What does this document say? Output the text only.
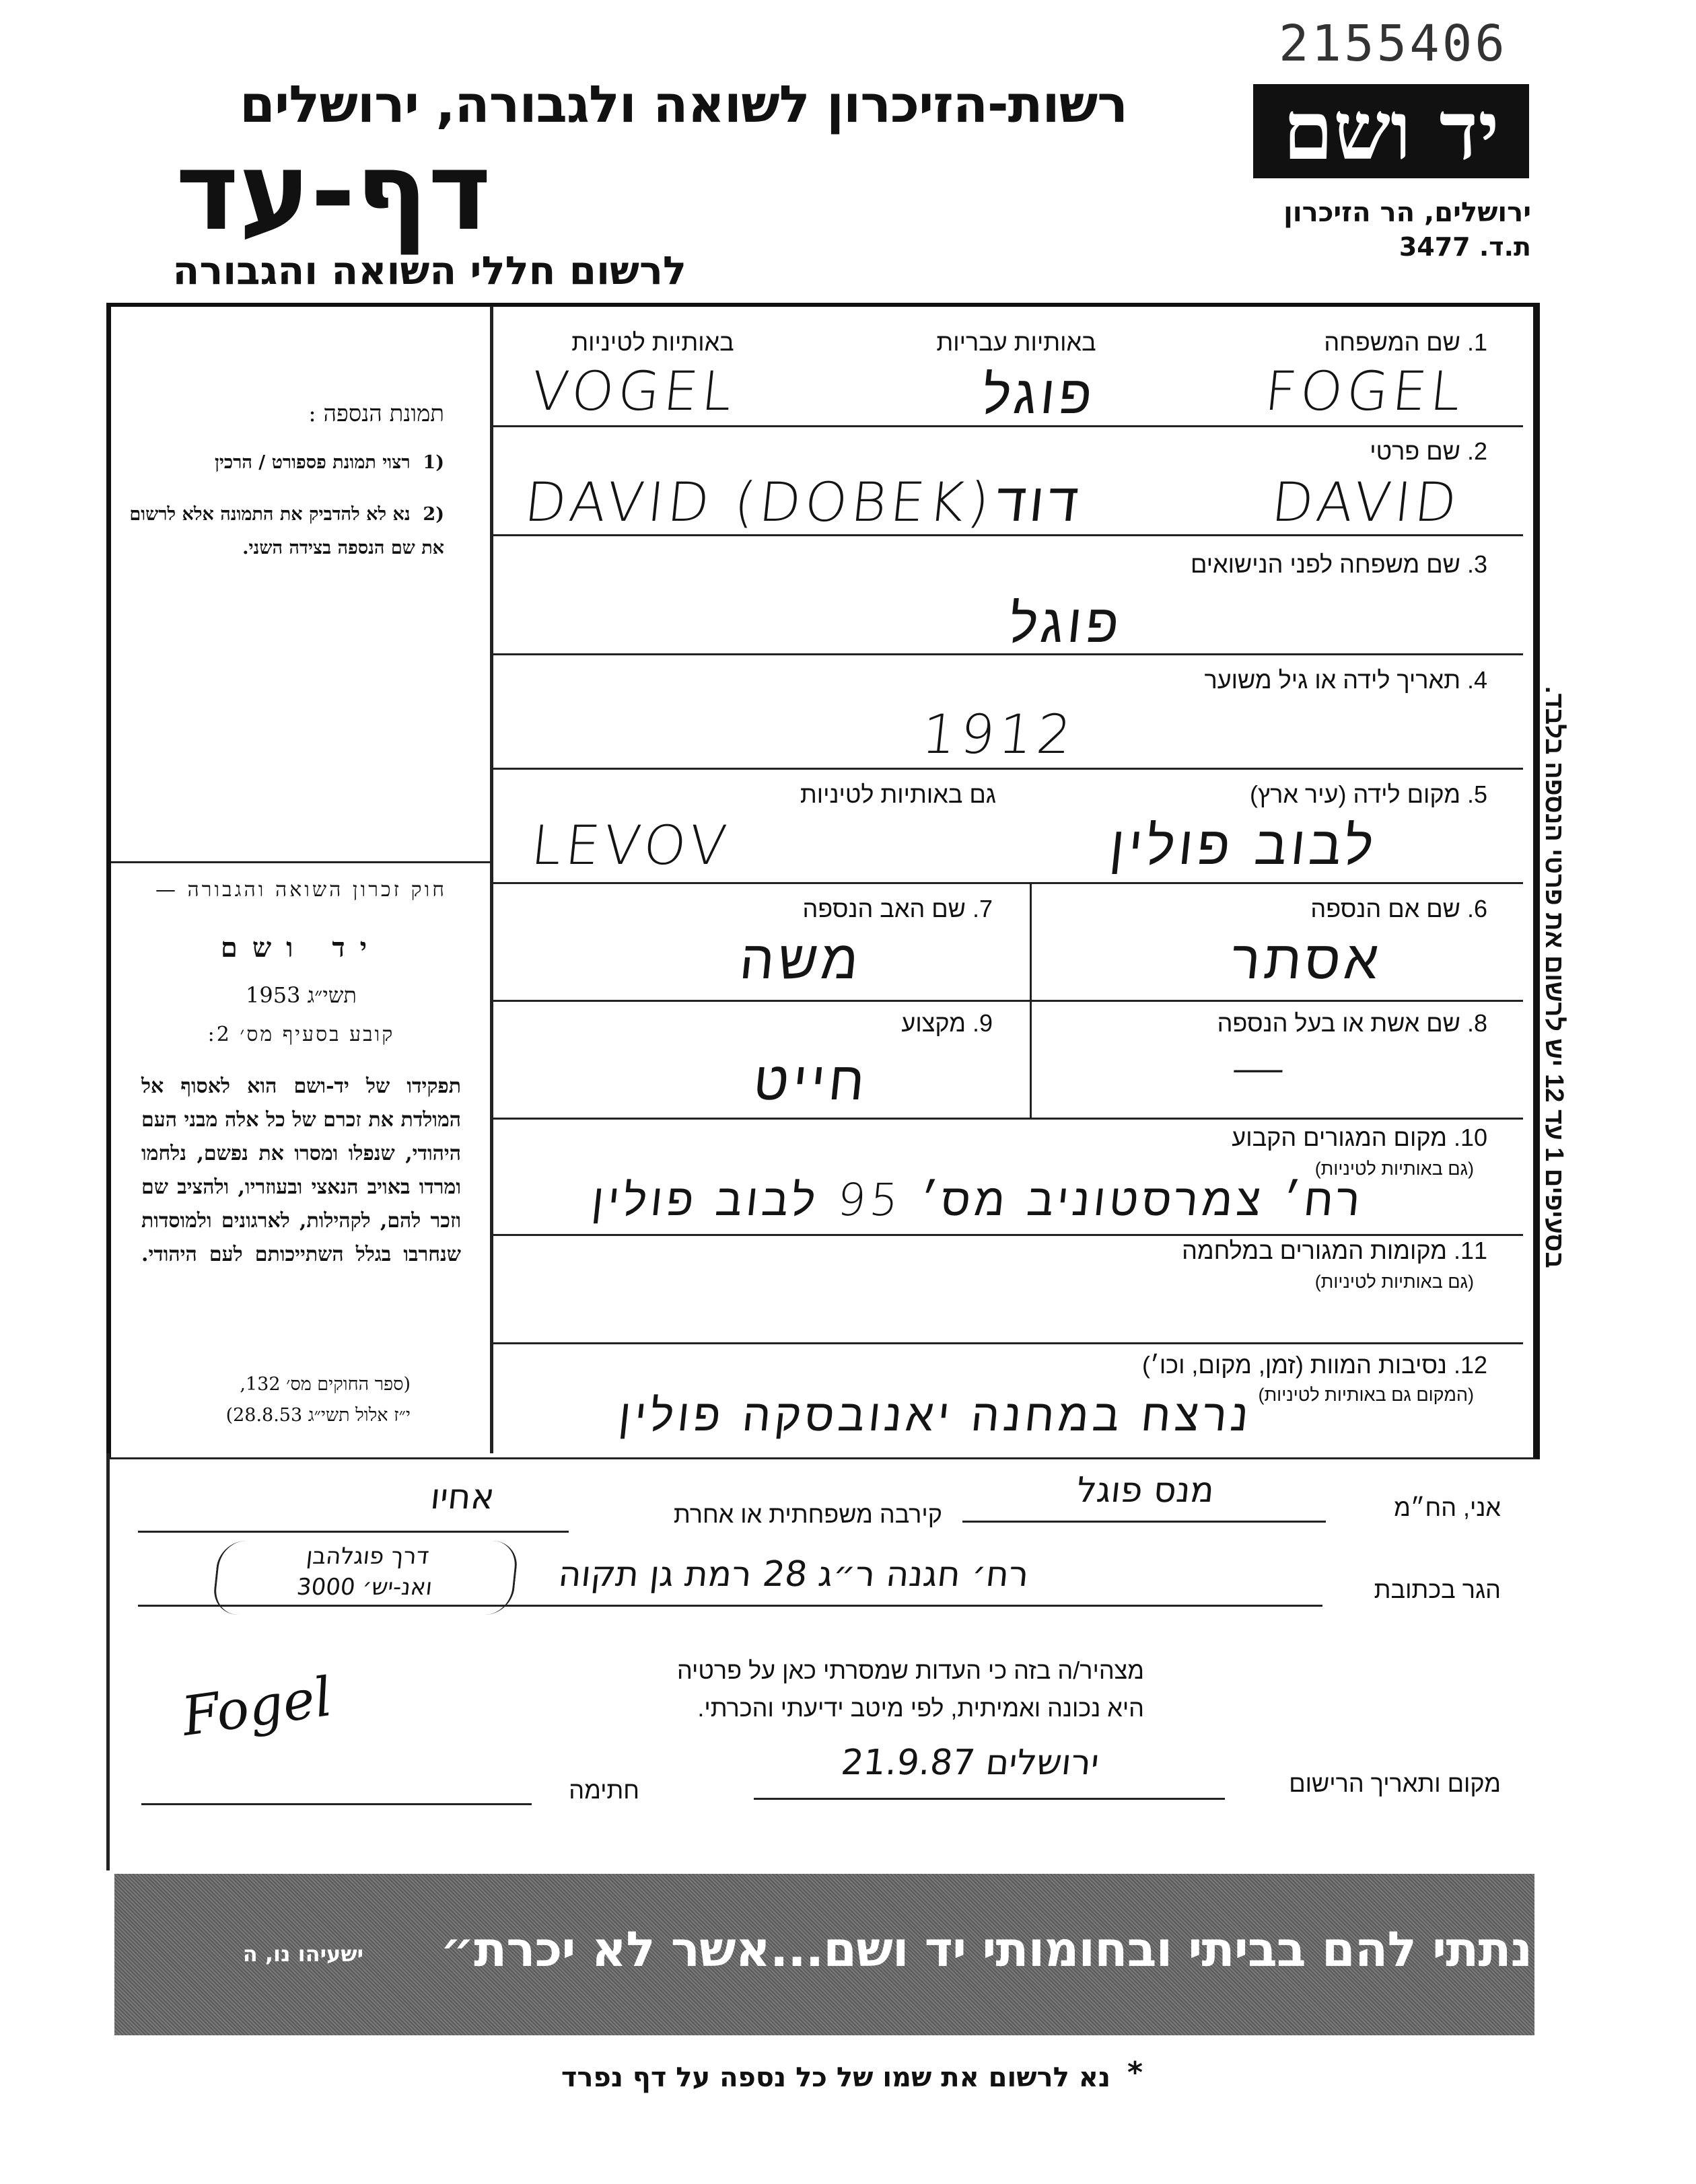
2155406
יד ושם
ירושלים, הר הזיכרון
ת.ד. 3477
רשות-הזיכרון לשואה ולגבורה, ירושלים
דף-עד
לרשום חללי השואה והגבורה
תמונת הנספה :
(1  רצוי תמונת פספורט / הרכין
(2  נא לא להדביק את התמונה אלא לרשום את שם הנספה בצידה השני.
חוק זכרון השואה והגבורה —
יד ושם
תשי״ג 1953
קובע בסעיף מס׳ 2:
תפקידו של יד-ושם הוא לאסוף אל המולדת את זכרם של כל אלה מבני העם היהודי, שנפלו ומסרו את נפשם, נלחמו ומרדו באויב הנאצי ובעוזריו, ולהציב שם וזכר להם, לקהילות, לארגונים ולמוסדות שנחרבו בגלל השתייכותם לעם היהודי.
(ספר החוקים מס׳ 132,
י״ז אלול תשי״ג 28.8.53)
1. שם המשפחה
באותיות עבריות
באותיות לטיניות
FOGEL
פוגל
VOGEL
2. שם פרטי
DAVID
דוד
DAVID (DOBEK)
3. שם משפחה לפני הנישואים
פוגל
4. תאריך לידה או גיל משוער
1912
5. מקום לידה (עיר ארץ)
גם באותיות לטיניות
לבוב פולין
LEVOV
6. שם אם הנספה
אסתר
7. שם האב הנספה
משה
8. שם אשת או בעל הנספה
—
9. מקצוע
חייט
10. מקום המגורים הקבוע
(גם באותיות לטיניות)
רח׳ צמרסטוניב מס׳ 95 לבוב פולין
11. מקומות המגורים במלחמה
(גם באותיות לטיניות)
12. נסיבות המוות (זמן, מקום, וכו׳)
(המקום גם באותיות לטיניות)
נרצח במחנה יאנובסקה פולין
בסעיפים 1 עד 12 יש לרשום את פרטי הנספה בלבד.
אני, הח״מ
מנס פוגל
קירבה משפחתית או אחרת
אחיו
הגר בכתובת
רח׳ חגנה ר״ג 28 רמת גן תקוה
דרך פוגלהבן
ואנ-יש׳ 3000
מצהיר/ה בזה כי העדות שמסרתי כאן על פרטיה
היא נכונה ואמיתית, לפי מיטב ידיעתי והכרתי.
מקום ותאריך הרישום
ירושלים 21.9.87
חתימה
Fogel
״ונתתי להם בביתי ובחומותי יד ושם...אשר לא יכרת״
ישעיהו נו, ה
*
נא לרשום את שמו של כל נספה על דף נפרד
